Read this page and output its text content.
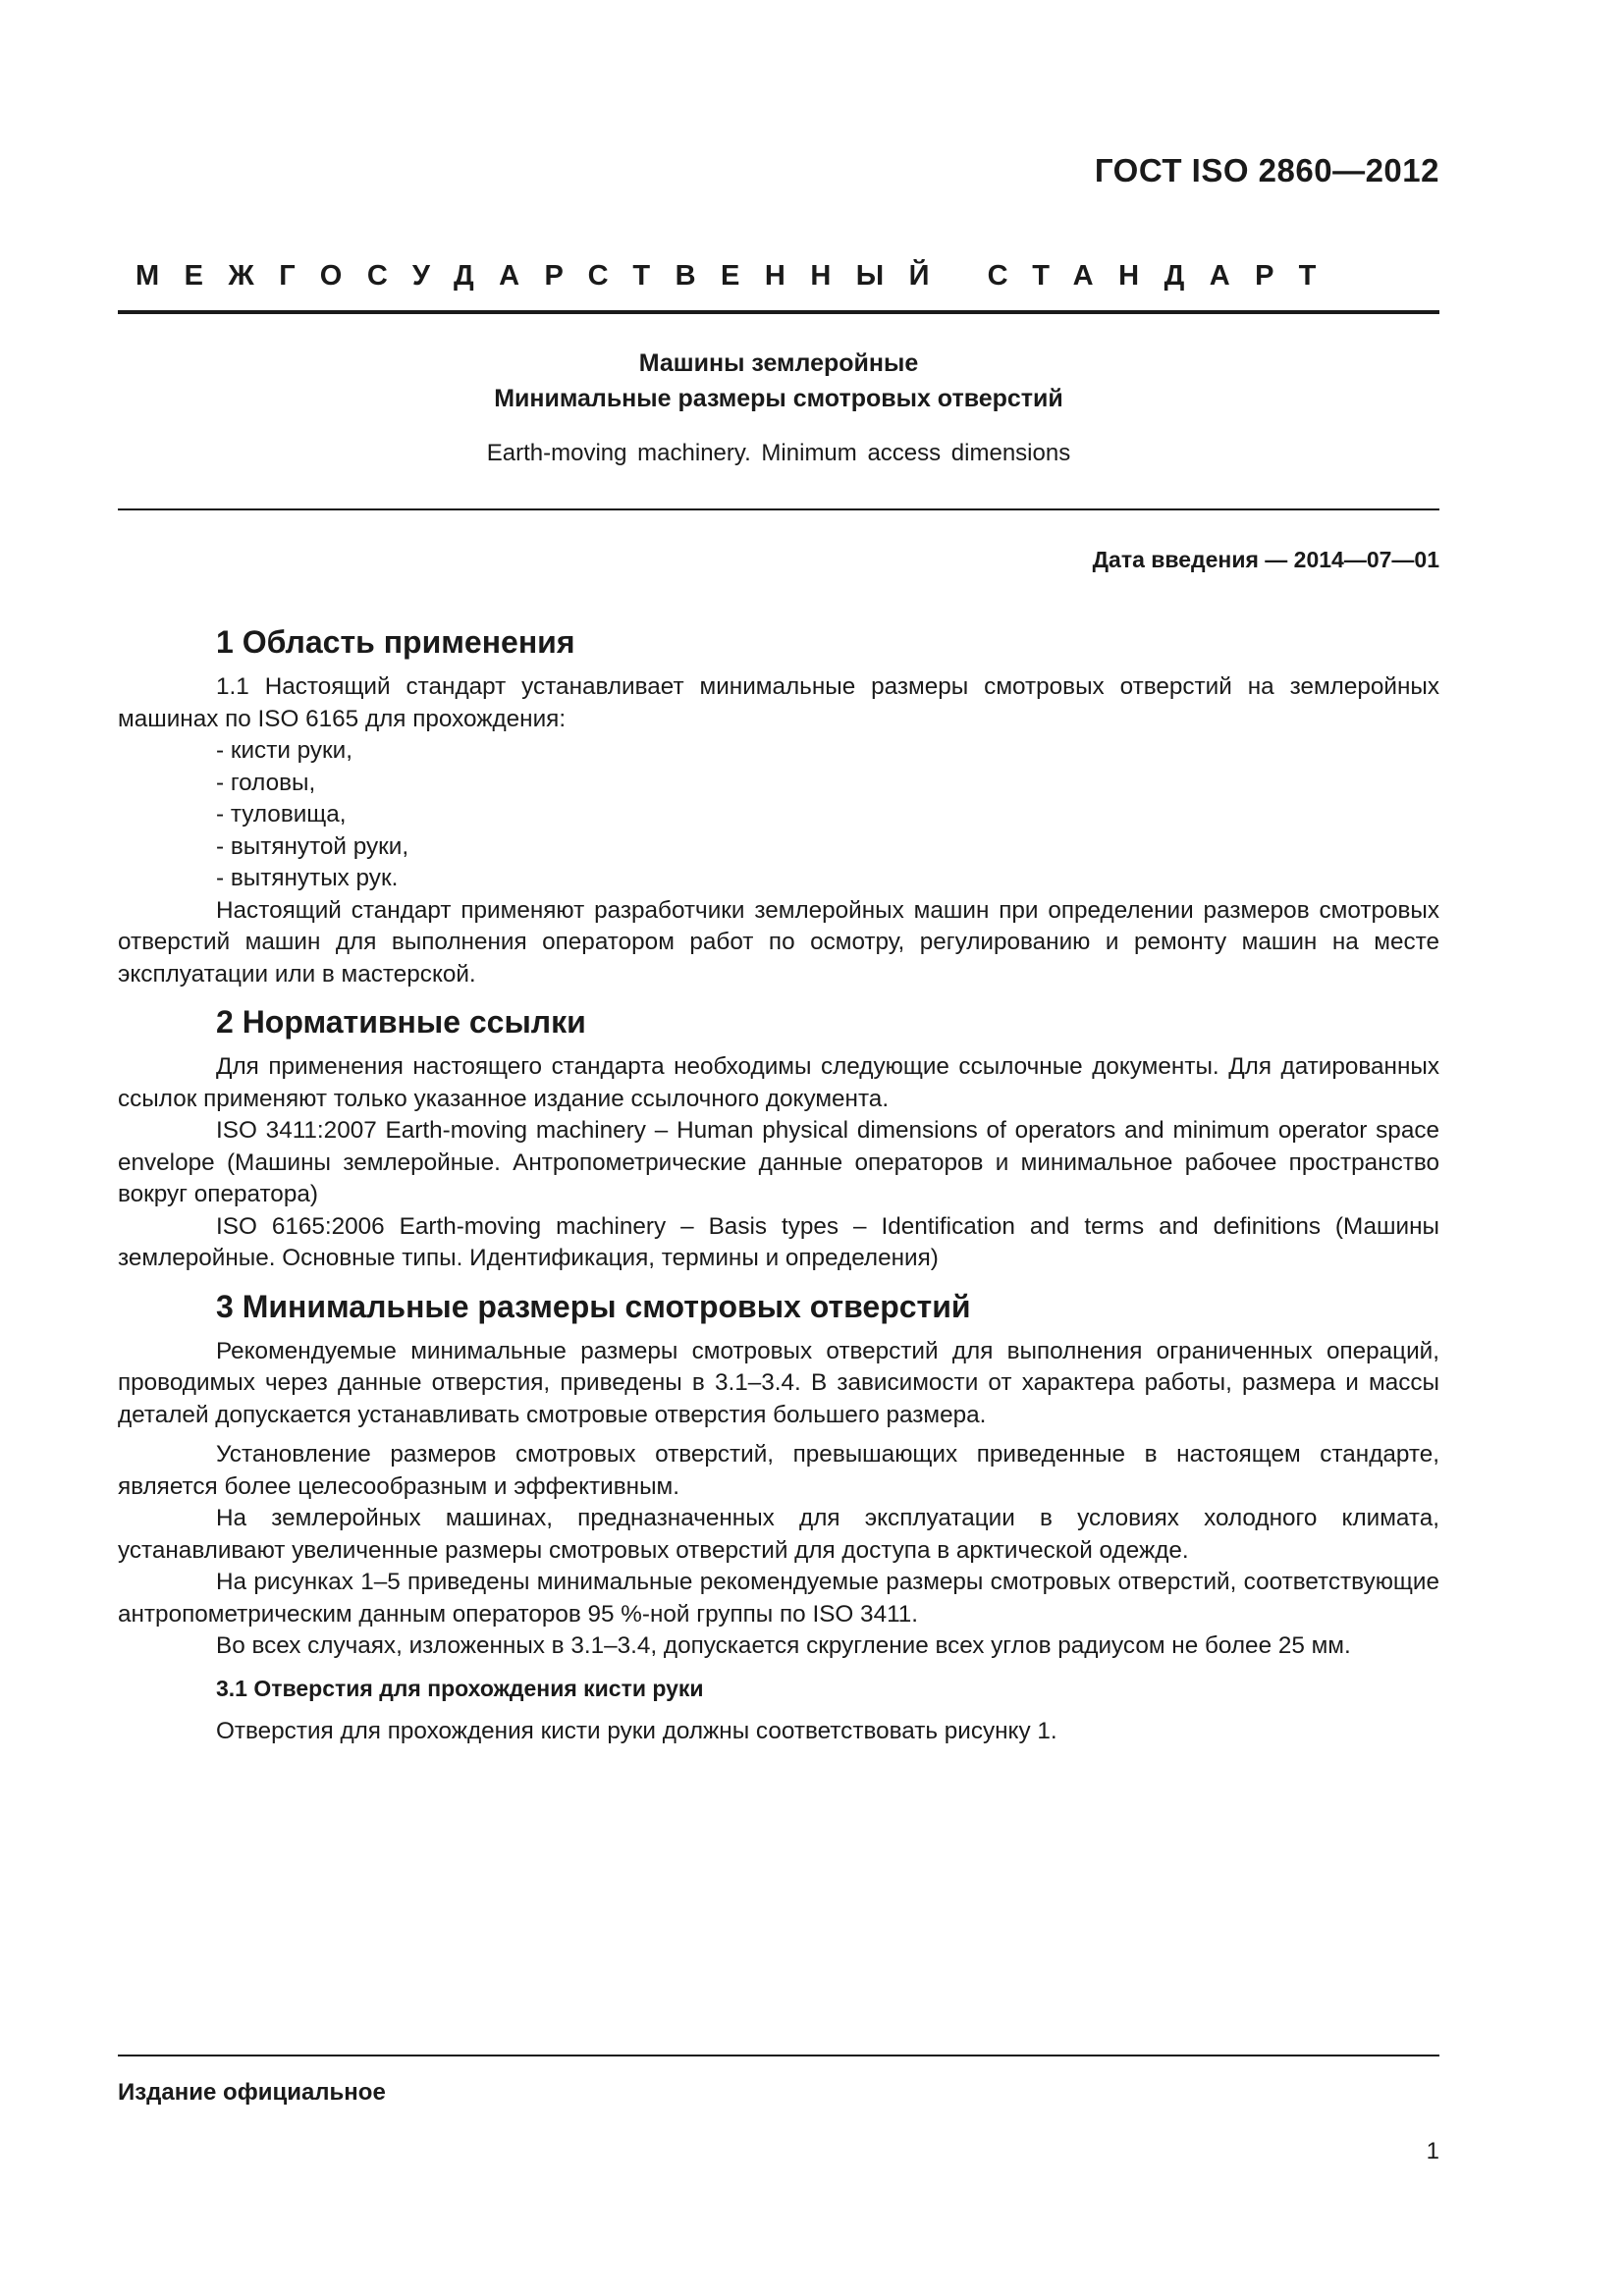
ГОСТ ISO 2860—2012
МЕЖГОСУДАРСТВЕННЫЙ СТАНДАРТ
Машины землеройные
Минимальные размеры смотровых отверстий
Earth-moving machinery. Minimum access dimensions
Дата введения — 2014—07—01
1 Область применения

1.1 Настоящий стандарт устанавливает минимальные размеры смотровых отверстий на землеройных машинах по ISO 6165 для прохождения:

- кисти руки,

- головы,

- туловища,

- вытянутой руки,

- вытянутых рук.

Настоящий стандарт применяют разработчики землеройных машин при определении размеров смотровых отверстий машин для выполнения оператором работ по осмотру, регулированию и ремонту машин на месте эксплуатации или в мастерской.

2 Нормативные ссылки

Для применения настоящего стандарта необходимы следующие ссылочные документы. Для датированных ссылок применяют только указанное издание ссылочного документа.

ISO 3411:2007 Earth-moving machinery – Human physical dimensions of operators and minimum operator space envelope (Машины землеройные. Антропометрические данные операторов и минимальное рабочее пространство вокруг оператора)

ISO 6165:2006 Earth-moving machinery – Basis types – Identification and terms and definitions (Машины землеройные. Основные типы. Идентификация, термины и определения)

3 Минимальные размеры смотровых отверстий

Рекомендуемые минимальные размеры смотровых отверстий для выполнения ограниченных операций, проводимых через данные отверстия, приведены в 3.1–3.4. В зависимости от характера работы, размера и массы деталей допускается устанавливать смотровые отверстия большего размера.

Установление размеров смотровых отверстий, превышающих приведенные в настоящем стандарте, является более целесообразным и эффективным.

На землеройных машинах, предназначенных для эксплуатации в условиях холодного климата, устанавливают увеличенные размеры смотровых отверстий для доступа в арктической одежде.

На рисунках 1–5 приведены минимальные рекомендуемые размеры смотровых отверстий, соответствующие антропометрическим данным операторов 95 %-ной группы по ISO 3411.

Во всех случаях, изложенных в 3.1–3.4, допускается скругление всех углов радиусом не более 25 мм.

3.1 Отверстия для прохождения кисти руки

Отверстия для прохождения кисти руки должны соответствовать рисунку 1.

Издание официальное
1
